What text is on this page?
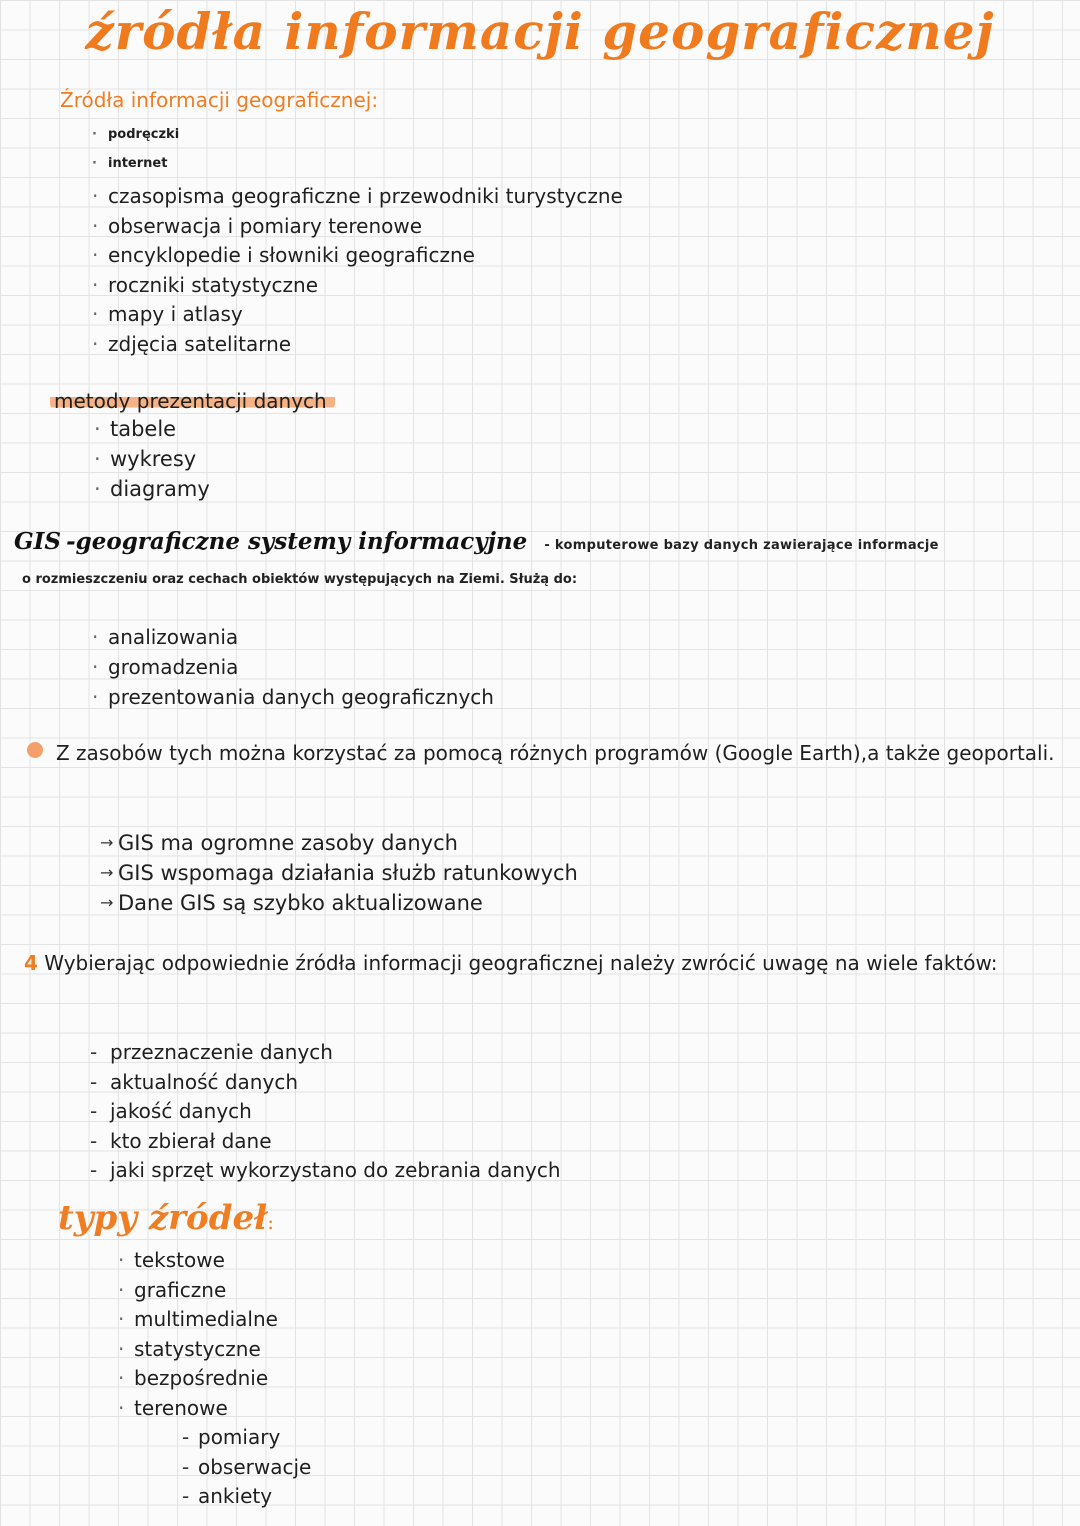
źródła informacji geograficznej
Źródła informacji geograficznej:
· podręczki
· internet
· czasopisma geograficzne i przewodniki turystyczne
· obserwacja i pomiary terenowe
· encyklopedie i słowniki geograficzne
· roczniki statystyczne
· mapy i atlasy
· zdjęcia satelitarne
metody prezentacji danych
· tabele
· wykresy
· diagramy
GIS -geograficzne systemy informacyjne - komputerowe bazy danych zawierające informacje
o rozmieszczeniu oraz cechach obiektów występujących na Ziemi. Służą do:
· analizowania
· gromadzenia
· prezentowania danych geograficznych
Z zasobów tych można korzystać za pomocą różnych programów (Google Earth),a także geoportali.
→ GIS ma ogromne zasoby danych
→ GIS wspomaga działania służb ratunkowych
→ Dane GIS są szybko aktualizowane
4 Wybierając odpowiednie źródła informacji geograficznej należy zwrócić uwagę na wiele faktów:
- przeznaczenie danych
- aktualność danych
- jakość danych
- kto zbierał dane
- jaki sprzęt wykorzystano do zebrania danych
typy źródeł:
· tekstowe
· graficzne
· multimedialne
· statystyczne
· bezpośrednie
· terenowe
- pomiary
- obserwacje
- ankiety
